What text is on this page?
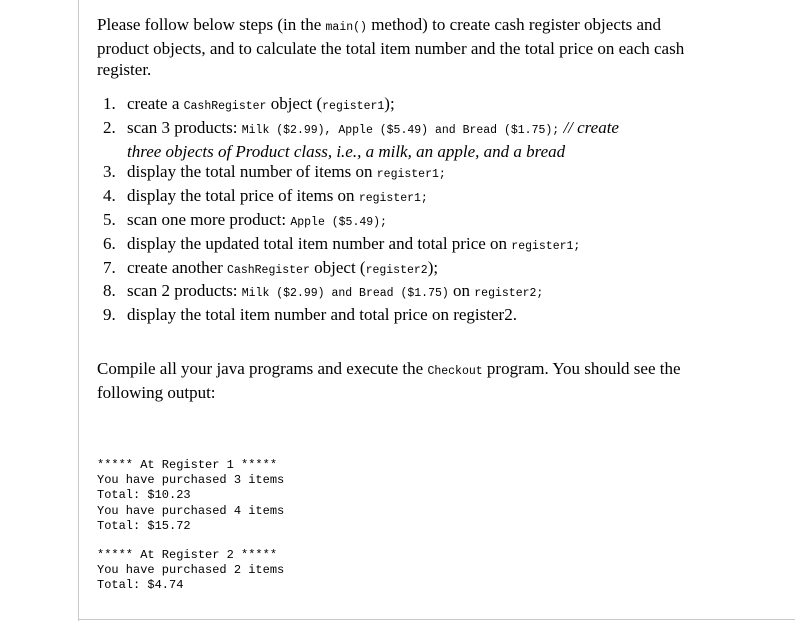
Please follow below steps (in the main() method) to create cash register objects and product objects, and to calculate the total item number and the total price on each cash register.

1. create a CashRegister object (register1);
2. scan 3 products: Milk ($2.99), Apple ($5.49) and Bread ($1.75); // create
three objects of Product class, i.e., a milk, an apple, and a bread
3. display the total number of items on register1;
4. display the total price of items on register1;
5. scan one more product: Apple ($5.49);
6. display the updated total item number and total price on register1;
7. create another CashRegister object (register2);
8. scan 2 products: Milk ($2.99) and Bread ($1.75) on register2;
9. display the total item number and total price on register2.

Compile all your java programs and execute the Checkout program. You should see the following output:

***** At Register 1 *****
You have purchased 3 items
Total: $10.23
You have purchased 4 items
Total: $15.72
***** At Register 2 *****
You have purchased 2 items
Total: $4.74
